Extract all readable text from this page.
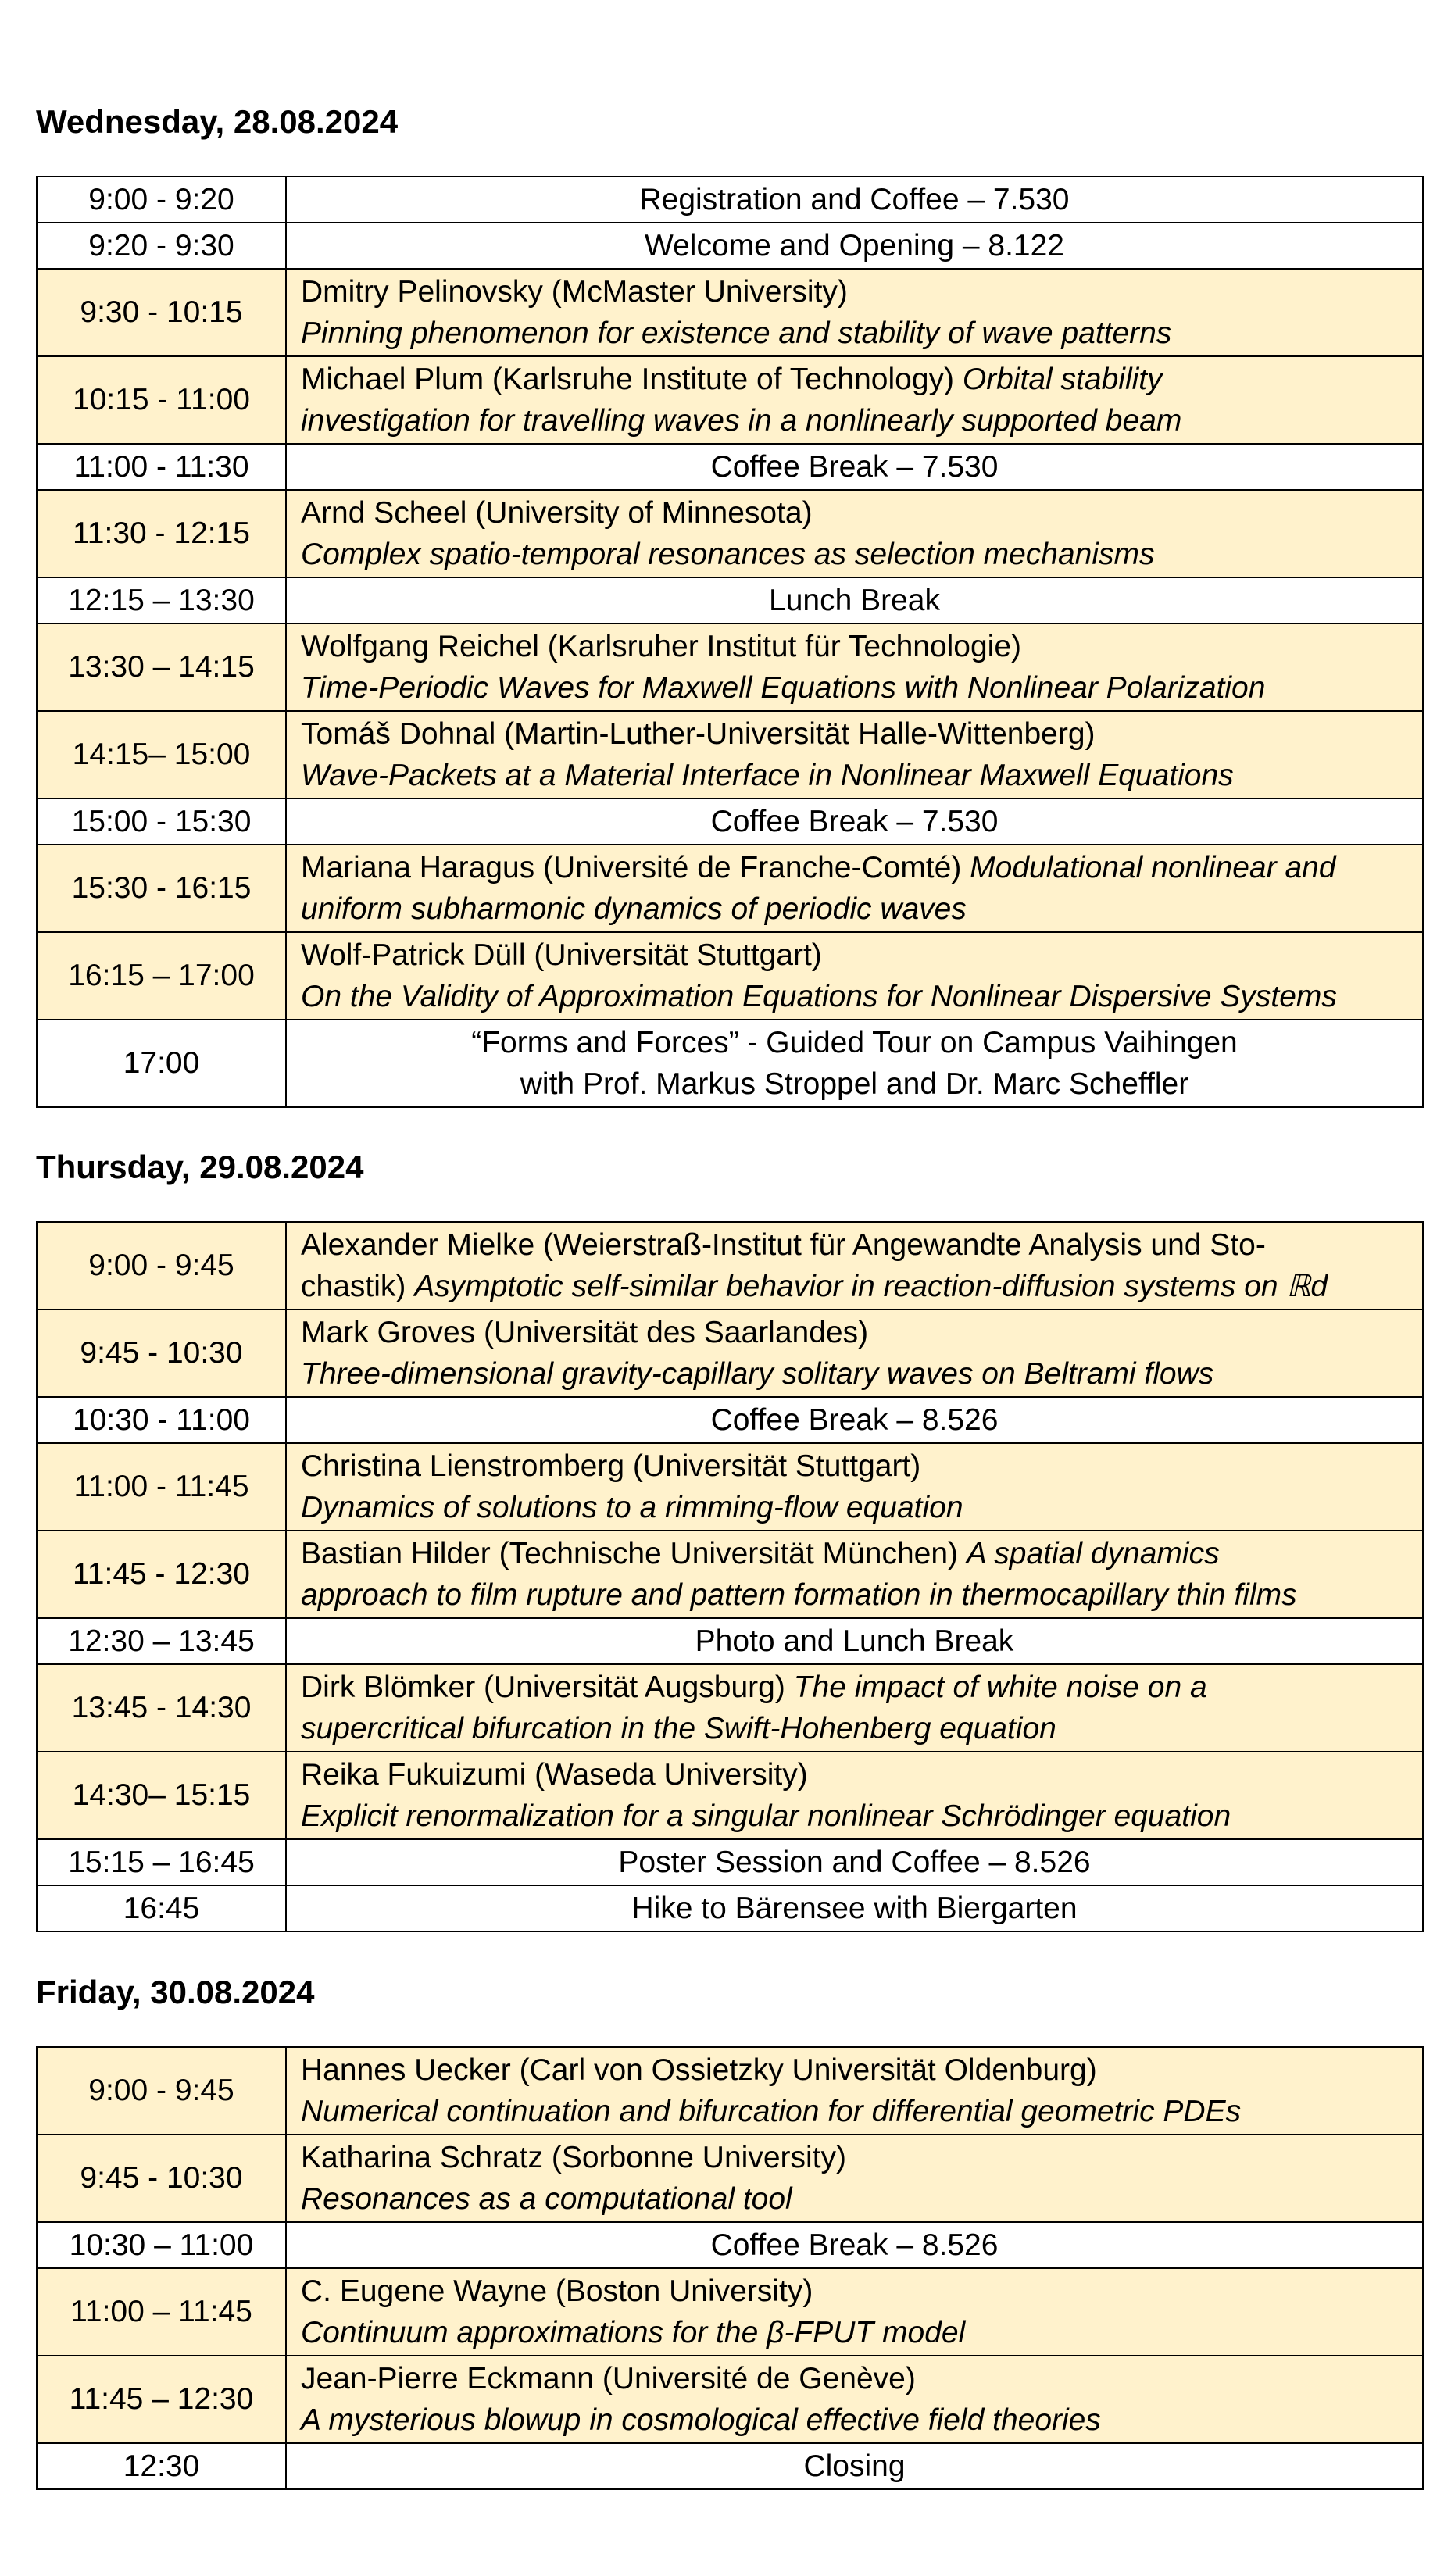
Wednesday, 28.08.2024
9:00 - 9:20	Registration and Coffee – 7.530

9:20 - 9:30	Welcome and Opening – 8.122

9:30 - 10:15	Dmitry Pelinovsky (McMaster University)
Pinning phenomenon for existence and stability of wave patterns

10:15 - 11:00	Michael Plum (Karlsruhe Institute of Technology) Orbital stability
investigation for travelling waves in a nonlinearly supported beam

11:00 - 11:30	Coffee Break – 7.530

11:30 - 12:15	Arnd Scheel (University of Minnesota)
Complex spatio-temporal resonances as selection mechanisms

12:15 – 13:30	Lunch Break

13:30 – 14:15	Wolfgang Reichel (Karlsruher Institut für Technologie)
Time-Periodic Waves for Maxwell Equations with Nonlinear Polarization

14:15– 15:00	Tomáš Dohnal (Martin-Luther-Universität Halle-Wittenberg)
Wave-Packets at a Material Interface in Nonlinear Maxwell Equations

15:00 - 15:30	Coffee Break – 7.530

15:30 - 16:15	Mariana Haragus (Université de Franche-Comté) Modulational nonlinear and
uniform subharmonic dynamics of periodic waves

16:15 – 17:00	Wolf-Patrick Düll (Universität Stuttgart)
On the Validity of Approximation Equations for Nonlinear Dispersive Systems

17:00	“Forms and Forces” - Guided Tour on Campus Vaihingen
with Prof. Markus Stroppel and Dr. Marc Scheffler
Thursday, 29.08.2024
9:00 - 9:45	Alexander Mielke (Weierstraß-Institut für Angewandte Analysis und Sto-
chastik) Asymptotic self-similar behavior in reaction-diffusion systems on ℝd

9:45 - 10:30	Mark Groves (Universität des Saarlandes)
Three-dimensional gravity-capillary solitary waves on Beltrami flows

10:30 - 11:00	Coffee Break – 8.526

11:00 - 11:45	Christina Lienstromberg (Universität Stuttgart)
Dynamics of solutions to a rimming-flow equation

11:45 - 12:30	Bastian Hilder (Technische Universität München) A spatial dynamics
approach to film rupture and pattern formation in thermocapillary thin films

12:30 – 13:45	Photo and Lunch Break

13:45 - 14:30	Dirk Blömker (Universität Augsburg) The impact of white noise on a
supercritical bifurcation in the Swift-Hohenberg equation

14:30– 15:15	Reika Fukuizumi (Waseda University)
Explicit renormalization for a singular nonlinear Schrödinger equation

15:15 – 16:45	Poster Session and Coffee – 8.526

16:45	Hike to Bärensee with Biergarten
Friday, 30.08.2024
9:00 - 9:45	Hannes Uecker (Carl von Ossietzky Universität Oldenburg)
Numerical continuation and bifurcation for differential geometric PDEs

9:45 - 10:30	Katharina Schratz (Sorbonne University)
Resonances as a computational tool

10:30 – 11:00	Coffee Break – 8.526

11:00 – 11:45	C. Eugene Wayne (Boston University)
Continuum approximations for the β-FPUT model

11:45 – 12:30	Jean-Pierre Eckmann (Université de Genève)
A mysterious blowup in cosmological effective field theories

12:30	Closing
